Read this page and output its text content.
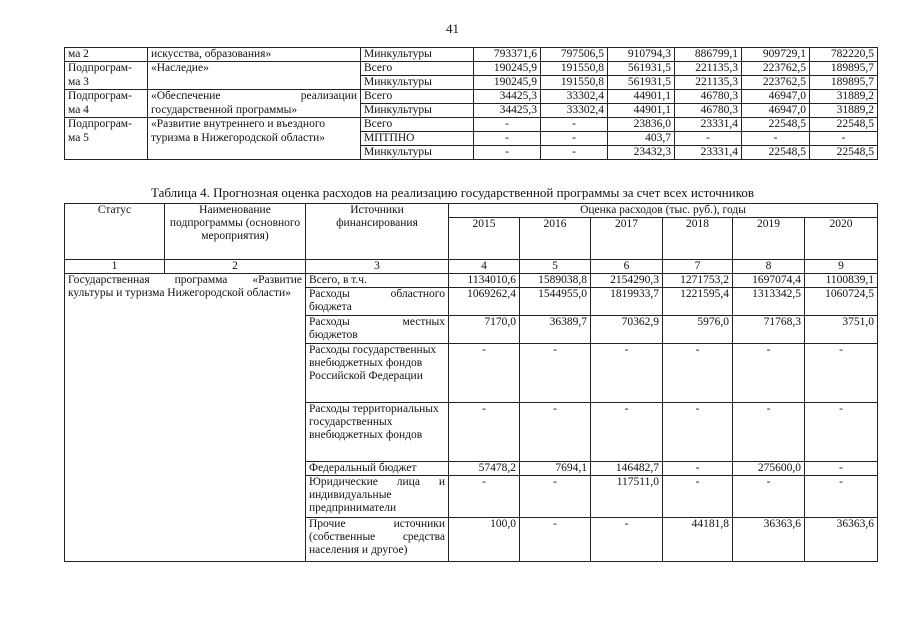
41
ма 2	искусства, образования»	Минкультуры	793371,6	797506,5	910794,3	886799,1	909729,1	782220,5
Подпрограм-	«Наследие»	Всего	190245,9	191550,8	561931,5	221135,3	223762,5	189895,7
ма 3		Минкультуры	190245,9	191550,8	561931,5	221135,3	223762,5	189895,7
Подпрограм-	«Обеспечение реализации	Всего	34425,3	33302,4	44901,1	46780,3	46947,0	31889,2
ма 4	государственной программы»	Минкультуры	34425,3	33302,4	44901,1	46780,3	46947,0	31889,2
Подпрограм-	«Развитие внутреннего и въездного	Всего	-	-	23836,0	23331,4	22548,5	22548,5
ма 5	туризма в Нижегородской области»	МПТПНО	-	-	403,7	-	-	-
		Минкультуры	-	-	23432,3	23331,4	22548,5	22548,5
Таблица 4. Прогнозная оценка расходов на реализацию государственной программы за счет всех источников
Статус	Наименование подпрограммы (основного мероприятия)	Источники финансирования	Оценка расходов (тыс. руб.), годы					
			2015	2016	2017	2018	2019	2020
1	2	3	4	5	6	7	8	9
Государственная программа «Развитие культуры и туризма Нижегородской области»		Всего, в т.ч.	1134010,6	1589038,8	2154290,3	1271753,2	1697074,4	1100839,1
		Расходы областного бюджета	1069262,4	1544955,0	1819933,7	1221595,4	1313342,5	1060724,5
		Расходы местных бюджетов	7170,0	36389,7	70362,9	5976,0	71768,3	3751,0
		Расходы государственных внебюджетных фондов Российской Федерации	-	-	-	-	-	-
		Расходы территориальных государственных внебюджетных фондов	-	-	-	-	-	-
		Федеральный бюджет	57478,2	7694,1	146482,7	-	275600,0	-
		Юридические лица и индивидуальные предприниматели	-	-	117511,0	-	-	-
		Прочие источники (собственные средства населения и другое)	100,0	-	-	44181,8	36363,6	36363,6
